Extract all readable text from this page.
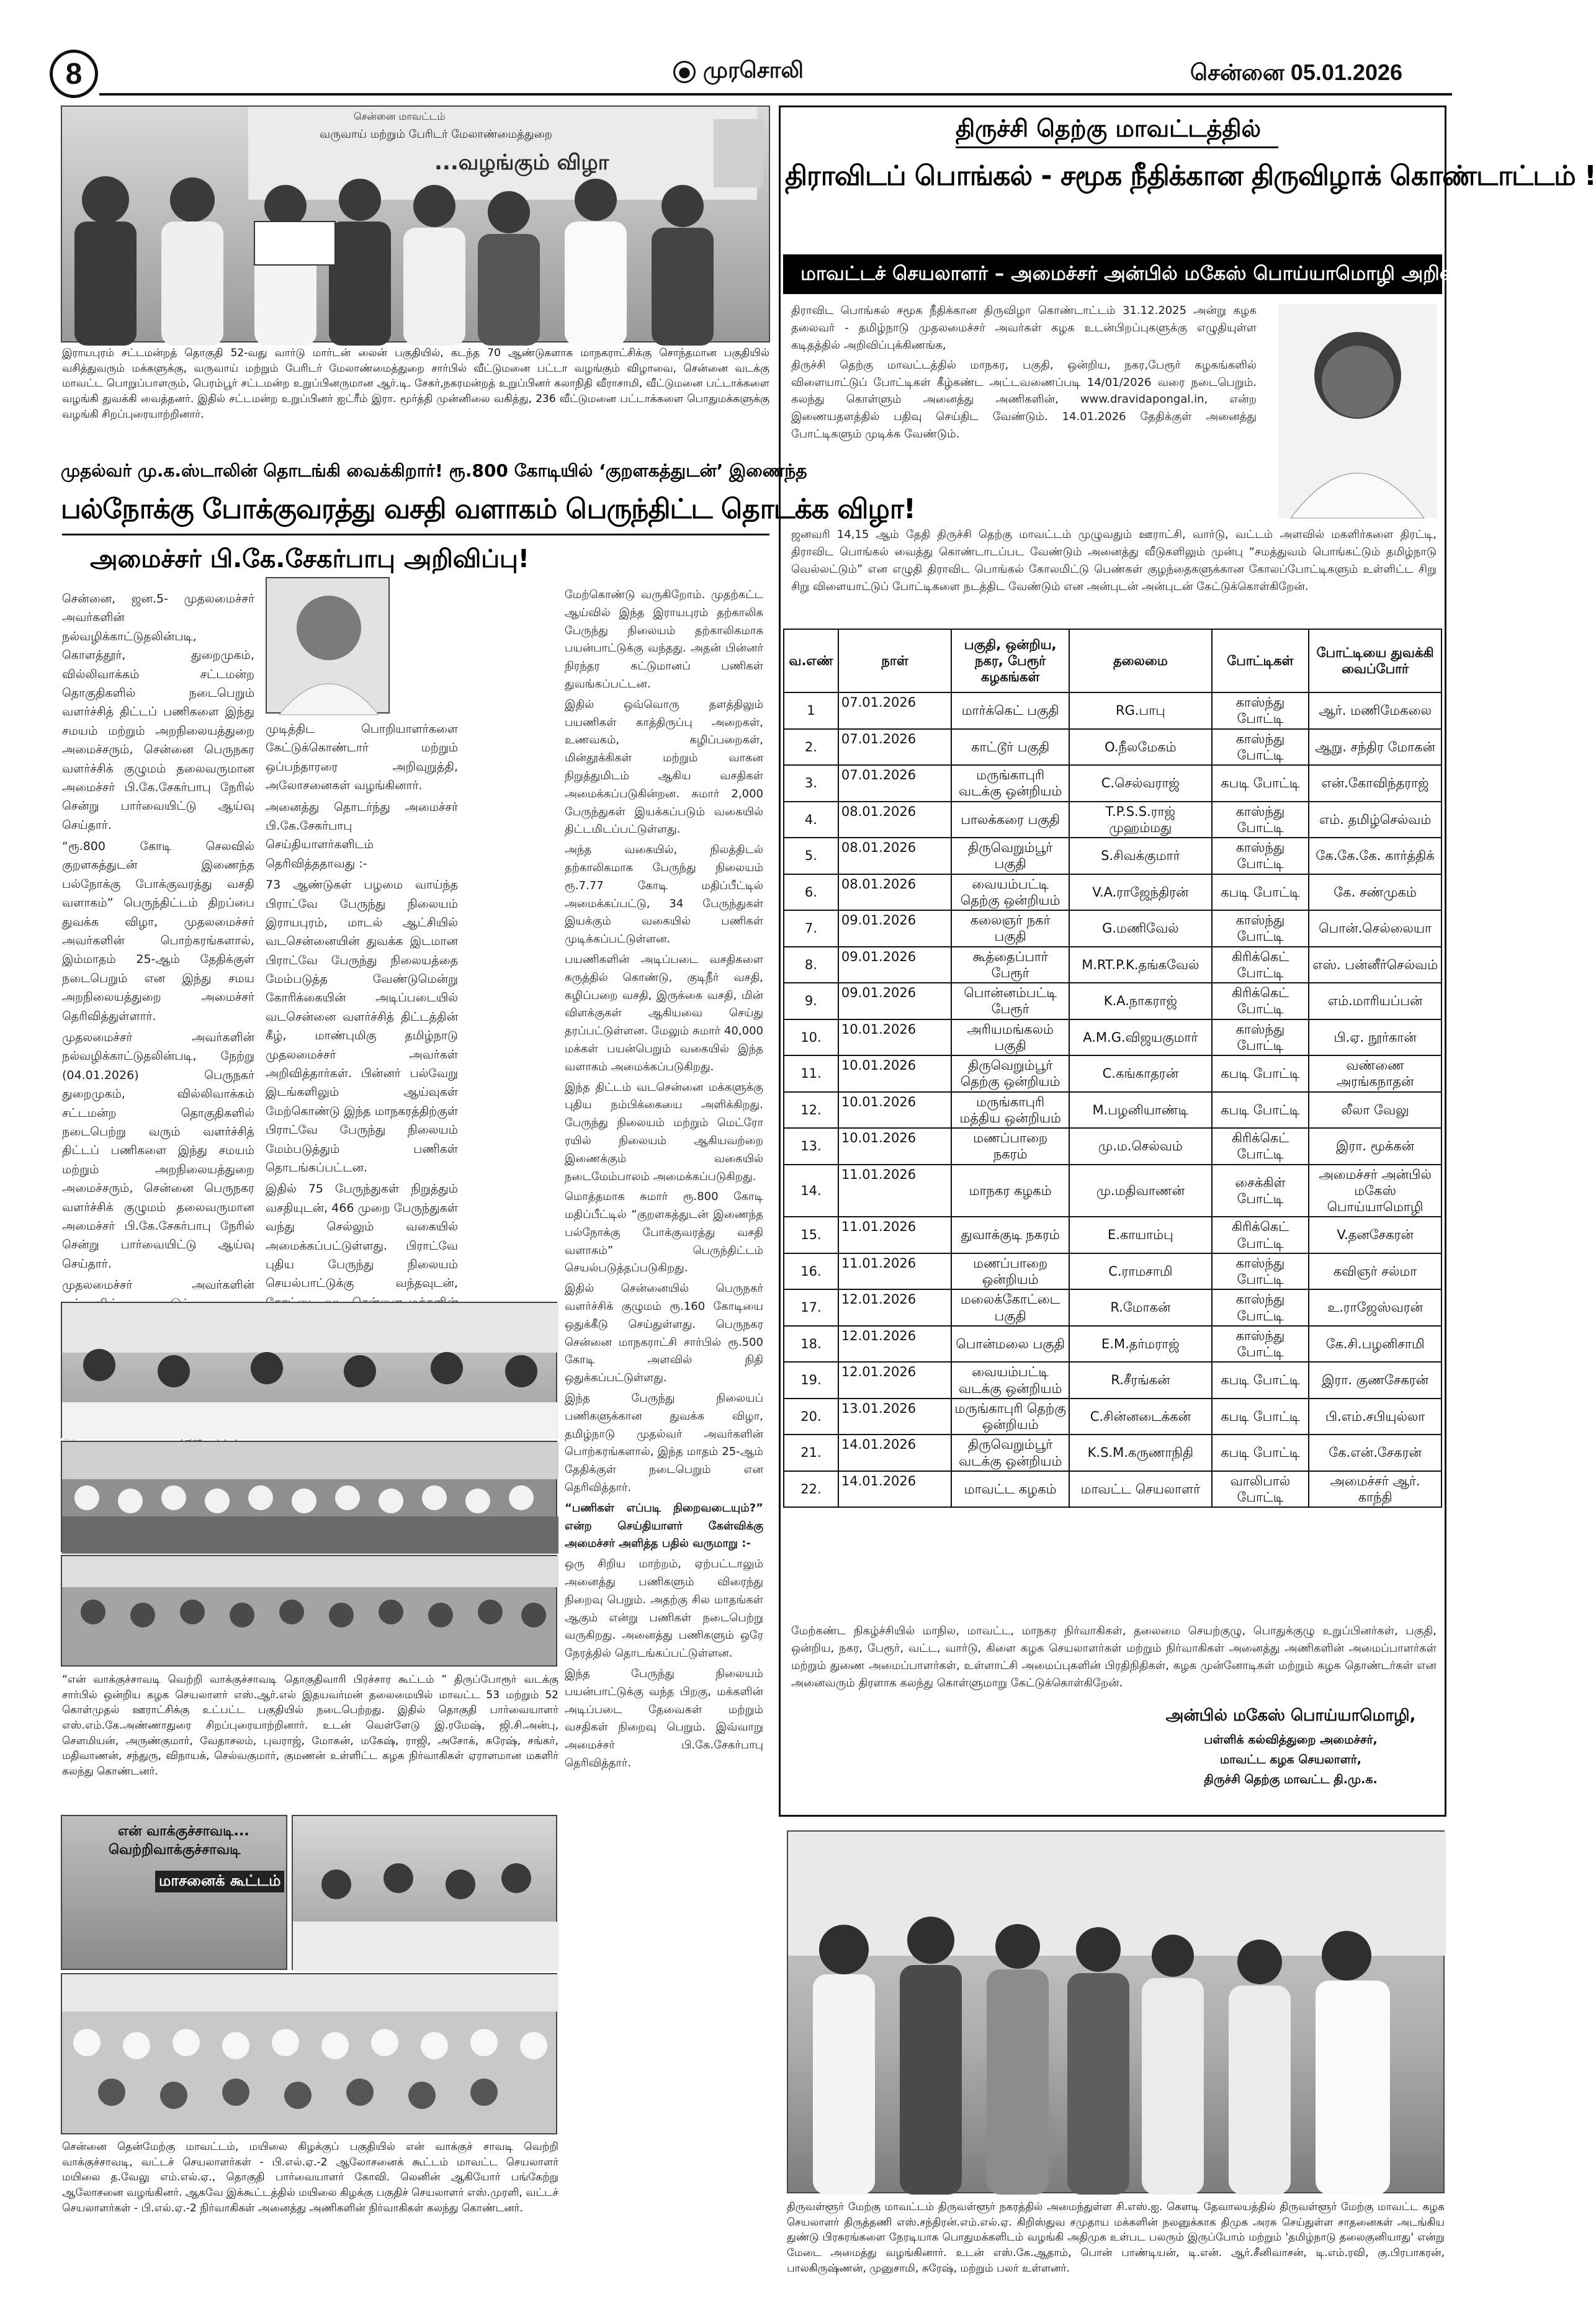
8	முரசொலி	சென்னை 05.01.2026
சென்னை மாவட்டம்
வருவாய் மற்றும் பேரிடர் மேலாண்மைத்துறை
...வழங்கும் விழா
இராயபுரம் சட்டமன்றத் தொகுதி 52-வது வார்டு மார்டன் லைன் பகுதியில், கடந்த 70 ஆண்டுகளாக மாநகராட்சிக்கு சொந்தமான பகுதியில் வசித்துவரும் மக்களுக்கு, வருவாய் மற்றும் பேரிடர் மேலாண்மைத்துறை சார்பில் வீட்டுமனை பட்டா வழங்கும் விழாவை, சென்னை வடக்கு மாவட்ட பொறுப்பாளரும், பெரம்பூர் சட்டமன்ற உறுப்பினருமான ஆர்.டி. சேகர்,நகரமன்றத் உறுப்பினர் கலாநிதி வீராசாமி, வீட்டுமனை பட்டாக்களை வழங்கி துவக்கி வைத்தனர். இதில் சட்டமன்ற உறுப்பினர் ஐட்ரீம் இரா. மூர்த்தி முன்னிலை வகித்து, 236 வீட்டுமனை பட்டாக்களை பொதுமக்களுக்கு வழங்கி சிறப்புரையாற்றினார்.
முதல்வர் மு.க.ஸ்டாலின் தொடங்கி வைக்கிறார்! ரூ.800 கோடியில் ‘குறளகத்துடன்’ இணைந்த
பல்நோக்கு போக்குவரத்து வசதி வளாகம் பெருந்திட்ட தொடக்க விழா!
அமைச்சர் பி.கே.சேகர்பாபு அறிவிப்பு!

சென்னை, ஜன.5- முதலமைச்சர் அவர்களின் நல்வழிக்காட்டுதலின்படி, கொளத்தூர், துறைமுகம், வில்லிவாக்கம் சட்டமன்ற தொகுதிகளில் நடைபெறும் வளர்ச்சித் திட்டப் பணிகளை இந்து சமயம் மற்றும் அறநிலையத்துறை அமைச்சரும், சென்னை பெருநகர வளர்ச்சிக் குழுமம் தலைவருமான அமைச்சர் பி.கே.சேகர்பாபு நேரில் சென்று பார்வையிட்டு ஆய்வு செய்தார்.

“ரூ.800 கோடி செலவில் குறளகத்துடன் இணைந்த பல்நோக்கு போக்குவரத்து வசதி வளாகம்” பெருந்திட்டம் திறப்பை துவக்க விழா, முதலமைச்சர் அவர்களின் பொற்கரங்களால், இம்மாதம் 25-ஆம் தேதிக்குள் நடைபெறும் என இந்து சமய அறநிலையத்துறை அமைச்சர் தெரிவித்துள்ளார்.

முதலமைச்சர் அவர்களின் நல்வழிக்காட்டுதலின்படி, நேற்று (04.01.2026) பெருநகர் துறைமுகம், வில்லிவாக்கம் சட்டமன்ற தொகுதிகளில் நடைபெற்று வரும் வளர்ச்சித் திட்டப் பணிகளை இந்து சமயம் மற்றும் அறநிலையத்துறை அமைச்சரும், சென்னை பெருநகர வளர்ச்சிக் குழுமம் தலைவருமான அமைச்சர் பி.கே.சேகர்பாபு நேரில் சென்று பார்வையிட்டு ஆய்வு செய்தார்.

முதலமைச்சர் அவர்களின்

முடித்திட பொறியாளர்களை கேட்டுக்கொண்டார் மற்றும் ஒப்பந்தாரரை அறிவுறுத்தி, அலோசனைகள் வழங்கினார்.

அனைத்து தொடர்ந்து அமைச்சர் பி.கே.சேகர்பாபு செய்தியாளர்களிடம் தெரிவித்ததாவது :-

73 ஆண்டுகள் பழமை வாய்ந்த பிராட்வே பேருந்து நிலையம் இராயபுரம், மாடல் ஆட்சியில் வடசென்னையின் துவக்க இடமான பிராட்வே பேருந்து நிலையத்தை மேம்படுத்த வேண்டுமென்று கோரிக்கையின் அடிப்படையில் வடசென்னை வளர்ச்சித் திட்டத்தின் கீழ், மாண்புமிகு தமிழ்நாடு முதலமைச்சர் அவர்கள் அறிவித்தார்கள். பின்னர் பல்வேறு இடங்களிலும் ஆய்வுகள் மேற்கொண்டு இந்த மாநகரத்திற்குள் பிராட்வே பேருந்து நிலையம் மேம்படுத்தும் பணிகள் தொடங்கப்பட்டன.

இதில் 75 பேருந்துகள் நிறுத்தும் வசதியுடன், 466 முறை பேருந்துகள் வந்து செல்லும் வகையில் அமைக்கப்பட்டுள்ளது. பிராட்வே புதிய பேருந்து நிலையம் செயல்பாட்டுக்கு வந்தவுடன்,

மேற்கொண்டு வருகிறோம். முதற்கட்ட ஆய்வில் இந்த இராயபுரம் தற்காலிக பேருந்து நிலையம் தற்காலிகமாக பயன்பாட்டுக்கு வந்தது. அதன் பின்னர் நிரந்தர கட்டுமானப் பணிகள் துவங்கப்பட்டன.

இதில் ஒவ்வொரு தளத்திலும் பயணிகள் காத்திருப்பு அறைகள், உணவகம், கழிப்பறைகள், மின்தூக்கிகள் மற்றும் வாகன நிறுத்துமிடம் ஆகிய வசதிகள் அமைக்கப்படுகின்றன. சுமார் 2,000 பேருந்துகள் இயக்கப்படும் வகையில் திட்டமிடப்பட்டுள்ளது.

அந்த வகையில், நிலத்திடல் தற்காலிகமாக பேருந்து நிலையம் ரூ.7.77 கோடி மதிப்பீட்டில் அமைக்கப்பட்டு, 34 பேருந்துகள் இயக்கும் வகையில் பணிகள் முடிக்கப்பட்டுள்ளன.

பயணிகளின் அடிப்படை வசதிகளை கருத்தில் கொண்டு, குடிநீர் வசதி, கழிப்பறை வசதி, இருக்கை வசதி, மின் விளக்குகள் ஆகியவை செய்து தரப்பட்டுள்ளன. மேலும் சுமார் 40,000 மக்கள் பயன்பெறும் வகையில் இந்த வளாகம் அமைக்கப்படுகிறது.

இந்த திட்டம் வடசென்னை மக்களுக்கு புதிய நம்பிக்கையை அளிக்கிறது. பேருந்து நிலையம் மற்றும் மெட்ரோ ரயில் நிலையம் ஆகியவற்றை இணைக்கும் வகையில் நடைமேம்பாலம் அமைக்கப்படுகிறது.

மொத்தமாக சுமார் ரூ.800 கோடி மதிப்பீட்டில் “குறளகத்துடன் இணைந்த பல்நோக்கு போக்குவரத்து வசதி வளாகம்” பெருந்திட்டம் செயல்படுத்தப்படுகிறது.

இதில் சென்னையில் பெருநகர் வளர்ச்சிக் குழுமம் ரூ.160 கோடியை ஒதுக்கீடு செய்துள்ளது. பெருநகர சென்னை மாநகராட்சி சார்பில் ரூ.500 கோடி அளவில் நிதி ஒதுக்கப்பட்டுள்ளது.

இந்த பேருந்து நிலையப் பணிகளுக்கான துவக்க விழா, தமிழ்நாடு முதல்வர் அவர்களின் பொற்கரங்களால், இந்த மாதம் 25-ஆம் தேதிக்குள் நடைபெறும் என தெரிவித்தார்.

“பணிகள் எப்படி நிறைவடையும்?” என்ற செய்தியாளர் கேள்விக்கு அமைச்சர் அளித்த பதில் வருமாறு :-

ஒரு சிறிய மாற்றம், ஏற்பட்டாலும் அனைத்து பணிகளும் விரைந்து நிறைவு பெறும். அதற்கு சில மாதங்கள் ஆகும் என்று பணிகள் நடைபெற்று வருகிறது. அனைத்து பணிகளும் ஒரே நேரத்தில் தொடங்கப்பட்டுள்ளன.

இந்த பேருந்து நிலையம் பயன்பாட்டுக்கு வந்த பிறகு, மக்களின் அடிப்படை தேவைகள் மற்றும் வசதிகள் நிறைவு பெறும். இவ்வாறு அமைச்சர் பி.கே.சேகர்பாபு தெரிவித்தார்.

“என் வாக்குச்சாவடி வெற்றி வாக்குச்சாவடி தொகுதிவாரி பிரச்சார கூட்டம் ” திருப்போரூர் வடக்கு சார்பில் ஒன்றிய கழக செயலாளர் எஸ்.ஆர்.எல் இதயவர்மன் தலைமையில் மாவட்ட 53 மற்றும் 52 கொள்முதல் ஊராட்சிக்கு உட்பட்ட பகுதியில் நடைபெற்றது. இதில் தொகுதி பார்வையாளர் எஸ்.எம்.கே.அண்ணாதுரை சிறப்புரையாற்றினார். உடன் வெள்ளேடு இ.ரமேஷ், ஜி.சி.அன்பு, சௌமியன், அருண்குமார், வேதாசலம், புவராஜ், மோகன், மகேஷ், ராஜி, அசோக், சுரேஷ், சங்கர், மதிவாணன், சந்துரு, விநாயக், செல்வகுமார், குமணன் உள்ளிட்ட கழக நிர்வாகிகள் ஏராளமான மகளிர் கலந்து கொண்டனர்.
என் வாக்குச்சாவடி...
வெற்றிவாக்குச்சாவடி
மாசனைக் கூட்டம்
சென்னை தென்மேற்கு மாவட்டம், மயிலை கிழக்குப் பகுதியில் என் வாக்குச் சாவடி வெற்றி வாக்குச்சாவடி, வட்டச் செயலாளர்கள் - பி.எல்.ஏ.-2 ஆலோசனைக் கூட்டம் மாவட்ட செயலாளர் மயிலை த.வேலு எம்.எல்.ஏ., தொகுதி பார்வையாளர் கோவி. லெனின் ஆகியோர் பங்கேற்று ஆலோசனை வழங்கினர். ஆகவே இக்கூட்டத்தில் மயிலை கிழக்கு பகுதிச் செயலாளர் எஸ்.முரளி, வட்டச் செயலாளர்கள் - பி.எல்.ஏ.-2 நிர்வாகிகள் அனைத்து அணிகளின் நிர்வாகிகள் கலந்து கொண்டனர்.
திருச்சி தெற்கு மாவட்டத்தில்
திராவிடப் பொங்கல் - சமூக நீதிக்கான திருவிழாக் கொண்டாட்டம் !
மாவட்டச் செயலாளர் – அமைச்சர் அன்பில் மகேஸ் பொய்யாமொழி அறிவிப்பு !

திராவிட பொங்கல் சமூக நீதிக்கான திருவிழா கொண்டாட்டம் 31.12.2025 அன்று கழக தலைவர் - தமிழ்நாடு முதலமைச்சர் அவர்கள் கழக உடன்பிறப்புகளுக்கு எழுதியுள்ள கடிதத்தில் அறிவிப்புக்கிணங்க,

திருச்சி தெற்கு மாவட்டத்தில் மாநகர, பகுதி, ஒன்றிய, நகர,பேரூர் கழகங்களில் விளையாட்டுப் போட்டிகள் கீழ்கண்ட அட்டவணைப்படி 14/01/2026 வரை நடைபெறும். கலந்து கொள்ளும் அனைத்து அணிகளின், www.dravidapongal.in, என்ற இணையதளத்தில் பதிவு செய்திட வேண்டும். 14.01.2026 தேதிக்குள் அனைத்து போட்டிகளும் முடிக்க வேண்டும்.

ஜனவரி 14,15 ஆம் தேதி திருச்சி தெற்கு மாவட்டம் முழுவதும் ஊராட்சி, வார்டு, வட்டம் அளவில் மகளிர்களை திரட்டி, திராவிட பொங்கல் வைத்து கொண்டாடப்பட வேண்டும் அனைத்து வீடுகளிலும் முன்பு “சமத்துவம் பொங்கட்டும் தமிழ்நாடு வெல்லட்டும்” என எழுதி திராவிட பொங்கல் கோலமிட்டு பெண்கள் குழந்தைகளுக்கான கோலப்போட்டிகளும் உள்ளிட்ட சிறு சிறு விளையாட்டுப் போட்டிகளை நடத்திட வேண்டும் என அன்புடன் அன்புடன் கேட்டுக்கொள்கிறேன்.

வ.எண்	நாள்	பகுதி, ஒன்றிய, நகர, பேரூர் கழகங்கள்	தலைமை	போட்டிகள்	போட்டியை துவக்கி வைப்போர்
1	07.01.2026	மார்க்கெட் பகுதி	RG.பாபு	காஸ்ந்து போட்டி	ஆர். மணிமேகலை
2.	07.01.2026	காட்டூர் பகுதி	O.நீலமேகம்	காஸ்ந்து போட்டி	ஆறு. சந்திர மோகன்
3.	07.01.2026	மருங்காபுரி வடக்கு ஒன்றியம்	C.செல்வராஜ்	கபடி போட்டி	என்.கோவிந்தராஜ்
4.	08.01.2026	பாலக்கரை பகுதி	T.P.S.S.ராஜ் முஹம்மது	காஸ்ந்து போட்டி	எம். தமிழ்செல்வம்
5.	08.01.2026	திருவெறும்பூர் பகுதி	S.சிவக்குமார்	காஸ்ந்து போட்டி	கே.கே.கே. கார்த்திக்
6.	08.01.2026	வையம்பட்டி தெற்கு ஒன்றியம்	V.A.ராஜேந்திரன்	கபடி போட்டி	கே. சண்முகம்
7.	09.01.2026	கலைஞர் நகர் பகுதி	G.மணிவேல்	காஸ்ந்து போட்டி	பொன்.செல்லையா
8.	09.01.2026	கூத்தைப்பார் பேரூர்	M.RT.P.K.தங்கவேல்	கிரிக்கெட் போட்டி	எஸ். பன்னீர்செல்வம்
9.	09.01.2026	பொன்னம்பட்டி பேரூர்	K.A.நாகராஜ்	கிரிக்கெட் போட்டி	எம்.மாரியப்பன்
10.	10.01.2026	அரியமங்கலம் பகுதி	A.M.G.விஜயகுமார்	காஸ்ந்து போட்டி	பி.ஏ. நூர்கான்
11.	10.01.2026	திருவெறும்பூர் தெற்கு ஒன்றியம்	C.கங்காதரன்	கபடி போட்டி	வண்ணை அரங்கநாதன்
12.	10.01.2026	மருங்காபுரி மத்திய ஒன்றியம்	M.பழனியாண்டி	கபடி போட்டி	லீலா வேலு
13.	10.01.2026	மணப்பாறை நகரம்	மு.ம.செல்வம்	கிரிக்கெட் போட்டி	இரா. மூக்கன்
14.	11.01.2026	மாநகர கழகம்	மு.மதிவாணன்	சைக்கிள் போட்டி	அமைச்சர் அன்பில் மகேஸ் பொய்யாமொழி
15.	11.01.2026	துவாக்குடி நகரம்	E.காயாம்பு	கிரிக்கெட் போட்டி	V.தனசேகரன்
16.	11.01.2026	மணப்பாறை ஒன்றியம்	C.ராமசாமி	காஸ்ந்து போட்டி	கவிஞர் சல்மா
17.	12.01.2026	மலைக்கோட்டை பகுதி	R.மோகன்	காஸ்ந்து போட்டி	உ.ராஜேஸ்வரன்
18.	12.01.2026	பொன்மலை பகுதி	E.M.தர்மராஜ்	காஸ்ந்து போட்டி	கே.சி.பழனிசாமி
19.	12.01.2026	வையம்பட்டி வடக்கு ஒன்றியம்	R.சீரங்கன்	கபடி போட்டி	இரா. குணசேகரன்
20.	13.01.2026	மருங்காபுரி தெற்கு ஒன்றியம்	C.சின்னடைக்கன்	கபடி போட்டி	பி.எம்.சபியுல்லா
21.	14.01.2026	திருவெறும்பூர் வடக்கு ஒன்றியம்	K.S.M.கருணாநிதி	கபடி போட்டி	கே.என்.சேகரன்
22.	14.01.2026	மாவட்ட கழகம்	மாவட்ட செயலாளர்	வாலிபால் போட்டி	அமைச்சர் ஆர். காந்தி

மேற்கண்ட நிகழ்ச்சியில் மாநில, மாவட்ட, மாநகர நிர்வாகிகள், தலைமை செயற்குழு, பொதுக்குழு உறுப்பினர்கள், பகுதி, ஒன்றிய, நகர, பேரூர், வட்ட, வார்டு, கிளை கழக செயலாளர்கள் மற்றும் நிர்வாகிகள் அனைத்து அணிகளின் அமைப்பாளர்கள் மற்றும் துணை அமைப்பாளர்கள், உள்ளாட்சி அமைப்புகளின் பிரதிநிதிகள், கழக முன்னோடிகள் மற்றும் கழக தொண்டர்கள் என அனைவரும் திரளாக கலந்து கொள்ளுமாறு கேட்டுக்கொள்கிறேன்.

அன்பில் மகேஸ் பொய்யாமொழி,
பள்ளிக் கல்வித்துறை அமைச்சர்,
மாவட்ட கழக செயலாளர்,
திருச்சி தெற்கு மாவட்ட தி.மு.க.
திருவள்ளூர் மேற்கு மாவட்டம் திருவள்ளூர் நகரத்தில் அமைந்துள்ள சி.எஸ்.ஐ. கௌடி தேவாலயத்தில் திருவள்ளூர் மேற்கு மாவட்ட கழக செயலாளர் திருத்தணி எஸ்.சந்திரன்.எம்.எல்.ஏ. கிறிஸ்துவ சமுதாய மக்களின் நலனுக்காக திமுக அரசு செய்துள்ள சாதனைகள் அடங்கிய துண்டு பிரசுரங்களை நேரடியாக பொதுமக்களிடம் வழங்கி அதிமுக உள்பட பலரும் இருப்போம் மற்றும் 'தமிழ்நாடு தலைகுனியாது' என்று மேடை அமைத்து வழங்கினார். உடன் எஸ்.கே.ஆதாம், பொன் பாண்டியன், டி.என். ஆர்.சீனிவாசன், டி.எம்.ரவி, கு.பிரபாகரன், பாலகிருஷ்ணன், முனுசாமி, சுரேஷ், மற்றும் பலர் உள்ளனர்.
